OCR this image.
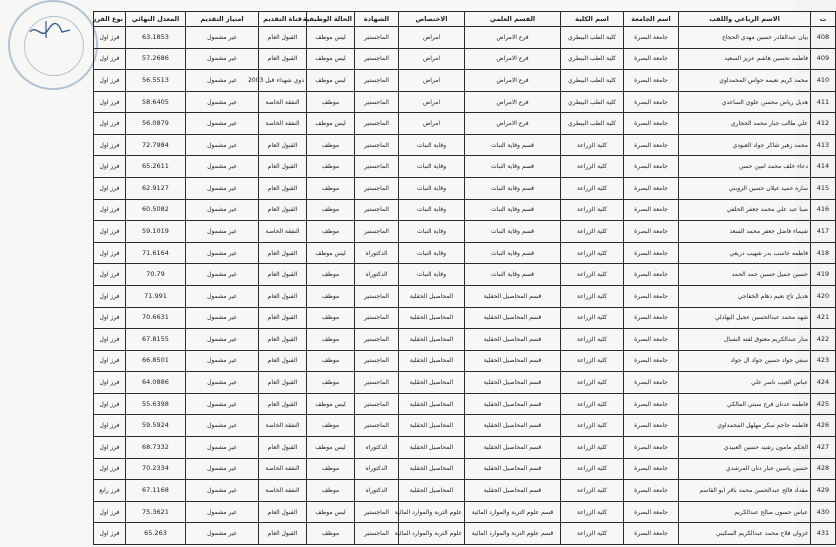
ت	الاسم الرباعي واللقب	اسم الجامعة	اسم الكلية	القسم العلمي	الاختصاص	الشهادة	الحالة الوظيفية	قناة التقديم	امتياز التقديم	المعدل النهائي	نوع الفرز
408	بيان عبدالقادر حسين مهدي الحجاج	جامعة البصرة	كلية الطب البيطري	فرع الامراض	امراض	الماجستير	ليس موظف	القبول العام	غير مشمول	63.1853	فرز اول
409	فاطمه تحسين هاشم عزيز السعيد	جامعة البصرة	كلية الطب البيطري	فرع الامراض	امراض	الماجستير	ليس موظف	القبول العام	غير مشمول	57.2686	فرز اول
410	محمد كريم نعيمه حواس المحمداوي	جامعة البصرة	كلية الطب البيطري	فرع الامراض	امراض	الماجستير	ليس موظف	ذوي شهداء قبل 2003	غير مشمول	56.5513	فرز اول
411	هديل رياض محسن علوي الساعدي	جامعة البصرة	كلية الطب البيطري	فرع الامراض	امراض	الماجستير	موظف	النفقة الخاصة	غير مشمول	58.6405	فرز اول
412	علي طالب جبار محمد الحجاري	جامعة البصرة	كلية الطب البيطري	فرع الامراض	امراض	الماجستير	ليس موظف	النفقة الخاصة	غير مشمول	56.0879	فرز اول
413	محمد زهير شاكر جواد العبودي	جامعة البصرة	كلية الزراعة	قسم وقاية النبات	وقاية النبات	الماجستير	موظف	القبول العام	غير مشمول	72.7984	فرز اول
414	دعاء خلف محمد امين حسن	جامعة البصرة	كلية الزراعة	قسم وقاية النبات	وقاية النبات	الماجستير	موظف	القبول العام	غير مشمول	65.2611	فرز اول
415	ساره حميد غيلان حسين الزوبني	جامعة البصرة	كلية الزراعة	قسم وقاية النبات	وقاية النبات	الماجستير	موظف	القبول العام	غير مشمول	62.9127	فرز اول
416	صبا عبد علي محمد جعفر الحلفي	جامعة البصرة	كلية الزراعة	قسم وقاية النبات	وقاية النبات	الماجستير	موظف	القبول العام	غير مشمول	60.5082	فرز اول
417	شيماء فاضل جعفر محمد السعد	جامعة البصرة	كلية الزراعة	قسم وقاية النبات	وقاية النبات	الماجستير	موظف	النفقة الخاصة	غير مشمول	59.1019	فرز اول
418	فاطمه جاسب بدر شهيب دريعي	جامعة البصرة	كلية الزراعة	قسم وقاية النبات	وقاية النبات	الدكتوراه	ليس موظف	القبول العام	غير مشمول	71.6164	فرز اول
419	حسين جميل حسين حمد الحمد	جامعة البصرة	كلية الزراعة	قسم وقاية النبات	وقاية النبات	الدكتوراه	موظف	القبول العام	غير مشمول	70.79	فرز اول
420	هديل تاج نعيم دهام الخفاجي	جامعة البصرة	كلية الزراعة	قسم المحاصيل الحقلية	المحاصيل الحقلية	الماجستير	موظف	القبول العام	غير مشمول	71.991	فرز اول
421	شهد محمد عبدالحسين عجيل البهادلي	جامعة البصرة	كلية الزراعة	قسم المحاصيل الحقلية	المحاصيل الحقلية	الماجستير	موظف	القبول العام	غير مشمول	70.6631	فرز اول
422	منار عبدالكريم معتوق لفته الشبال	جامعة البصرة	كلية الزراعة	قسم المحاصيل الحقلية	المحاصيل الحقلية	الماجستير	موظف	القبول العام	غير مشمول	67.8155	فرز اول
423	سفي جواد حسين جواد ال جواد	جامعة البصرة	كلية الزراعة	قسم المحاصيل الحقلية	المحاصيل الحقلية	الماجستير	موظف	القبول العام	غير مشمول	66.8501	فرز اول
424	عباس العيب ناصر علي	جامعة البصرة	كلية الزراعة	قسم المحاصيل الحقلية	المحاصيل الحقلية	الماجستير	موظف	القبول العام	غير مشمول	64.0886	فرز اول
425	فاطمه عدنان فرج سبتي المالكي	جامعة البصرة	كلية الزراعة	قسم المحاصيل الحقلية	المحاصيل الحقلية	الماجستير	ليس موظف	القبول العام	غير مشمول	55.6398	فرز اول
426	فاطمه حاجم سكر مهلهل المحمداوي	جامعة البصرة	كلية الزراعة	قسم المحاصيل الحقلية	المحاصيل الحقلية	الماجستير	موظف	النفقة الخاصة	غير مشمول	59.5924	فرز اول
427	الحكم مامون رشيد حسين العبيدي	جامعة البصرة	كلية الزراعة	قسم المحاصيل الحقلية	المحاصيل الحقلية	الدكتوراه	ليس موظف	القبول العام	غير مشمول	68.7332	فرز اول
428	حسين ياسين جبار دنان المرشدي	جامعة البصرة	كلية الزراعة	قسم المحاصيل الحقلية	المحاصيل الحقلية	الدكتوراه	موظف	النفقة الخاصة	غير مشمول	70.2334	فرز اول
429	مقداد فالح عبدالحسن محمد باقر ابو القاسم	جامعة البصرة	كلية الزراعة	قسم المحاصيل الحقلية	المحاصيل الحقلية	الدكتوراه	موظف	النفقة الخاصة	غير مشمول	67.1168	فرز رابع
430	عباس حسون صالح عبدالكريم	جامعة البصرة	كلية الزراعة	قسم علوم التربة والموارد المائية	علوم التربة والموارد المائية	الماجستير	ليس موظف	القبول العام	غير مشمول	75.3621	فرز اول
431	غزوان فلاح محمد عبدالكريم السكيني	جامعة البصرة	كلية الزراعة	قسم علوم التربة والموارد المائية	علوم التربة والموارد المائية	الماجستير	موظف	القبول العام	غير مشمول	65.263	فرز اول
